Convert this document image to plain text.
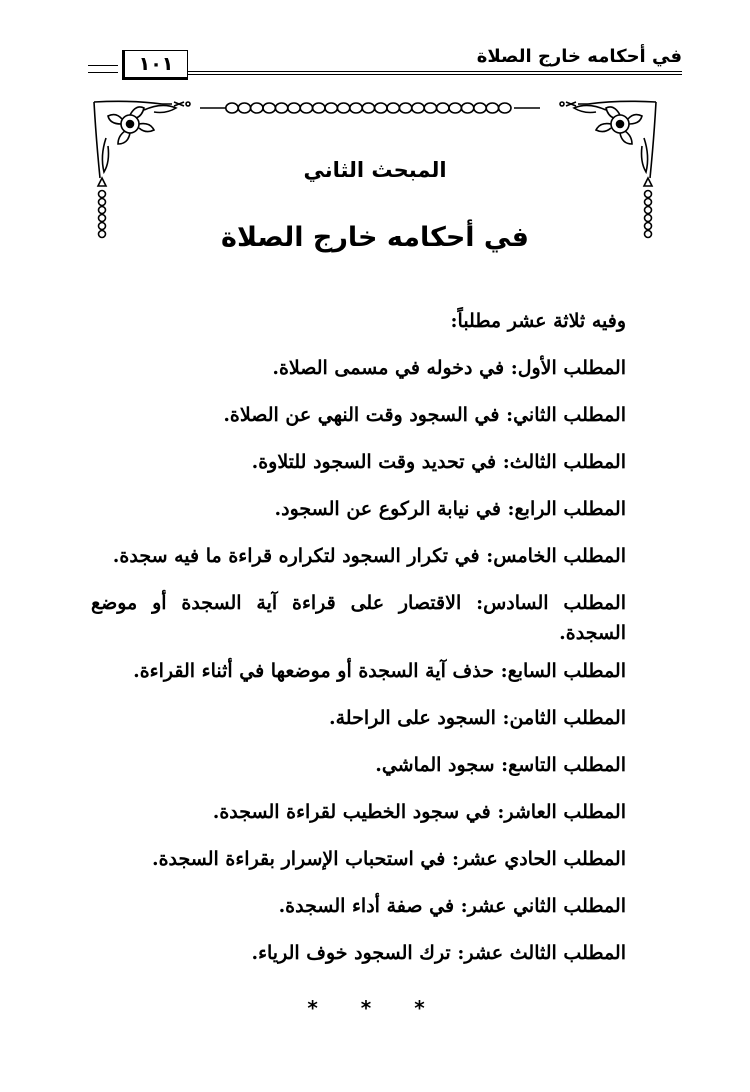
في أحكامه خارج الصلاة
١٠١
المبحث الثاني
في أحكامه خارج الصلاة
وفيه ثلاثة عشر مطلباً:
المطلب الأول: في دخوله في مسمى الصلاة.
المطلب الثاني: في السجود وقت النهي عن الصلاة.
المطلب الثالث: في تحديد وقت السجود للتلاوة.
المطلب الرابع: في نيابة الركوع عن السجود.
المطلب الخامس: في تكرار السجود لتكراره قراءة ما فيه سجدة.
المطلب السادس: الاقتصار على قراءة آية السجدة أو موضع السجدة.
المطلب السابع: حذف آية السجدة أو موضعها في أثناء القراءة.
المطلب الثامن: السجود على الراحلة.
المطلب التاسع: سجود الماشي.
المطلب العاشر: في سجود الخطيب لقراءة السجدة.
المطلب الحادي عشر: في استحباب الإسرار بقراءة السجدة.
المطلب الثاني عشر: في صفة أداء السجدة.
المطلب الثالث عشر: ترك السجود خوف الرياء.
* * *
